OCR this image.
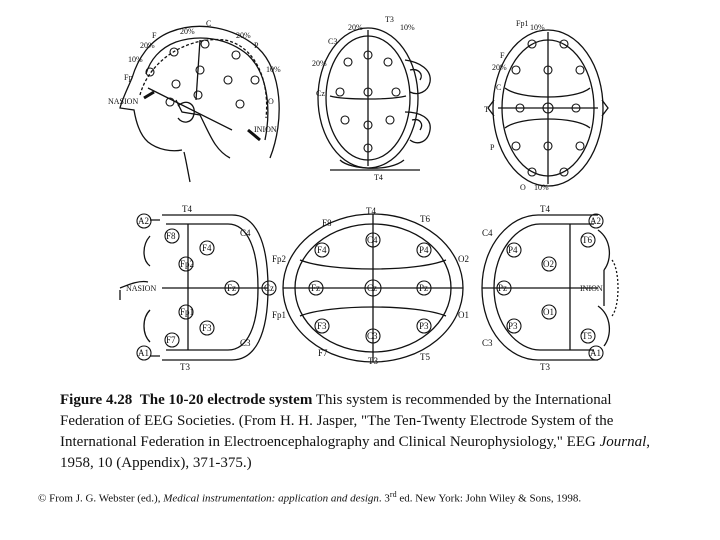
Fp
F
C
P
O
NASION
INION
10%
20%
20%	20%
10%
T3
C3
Cz
T4
10%
20%
20%
Fp1
F
C
T
P
O
10%
10%
20%
A2
T4
C4
Fp2
F4
F8
Fz	Cz
NASION
Fp1
F3
F7	C3
A1
T3
F8
T4
T6
C4
F4	P4
Fp2	O2
Cz
Fz	Pz
Fp1	O1
F3
C3
P3
F7
T3	T5
T4
A2
C4
P4
O2
T6
Pz	INION
P3
O1
T5
C3
T3
A1
Figure 4.28 The 10-20 electrode system This system is recommended by the International Federation of EEG Societies. (From H. H. Jasper, "The Ten-Twenty Electrode System of the International Federation in Electroencephalography and Clinical Neurophysiology," EEG Journal, 1958, 10 (Appendix), 371-375.)
© From J. G. Webster (ed.), Medical instrumentation: application and design. 3rd ed. New York: John Wiley & Sons, 1998.
